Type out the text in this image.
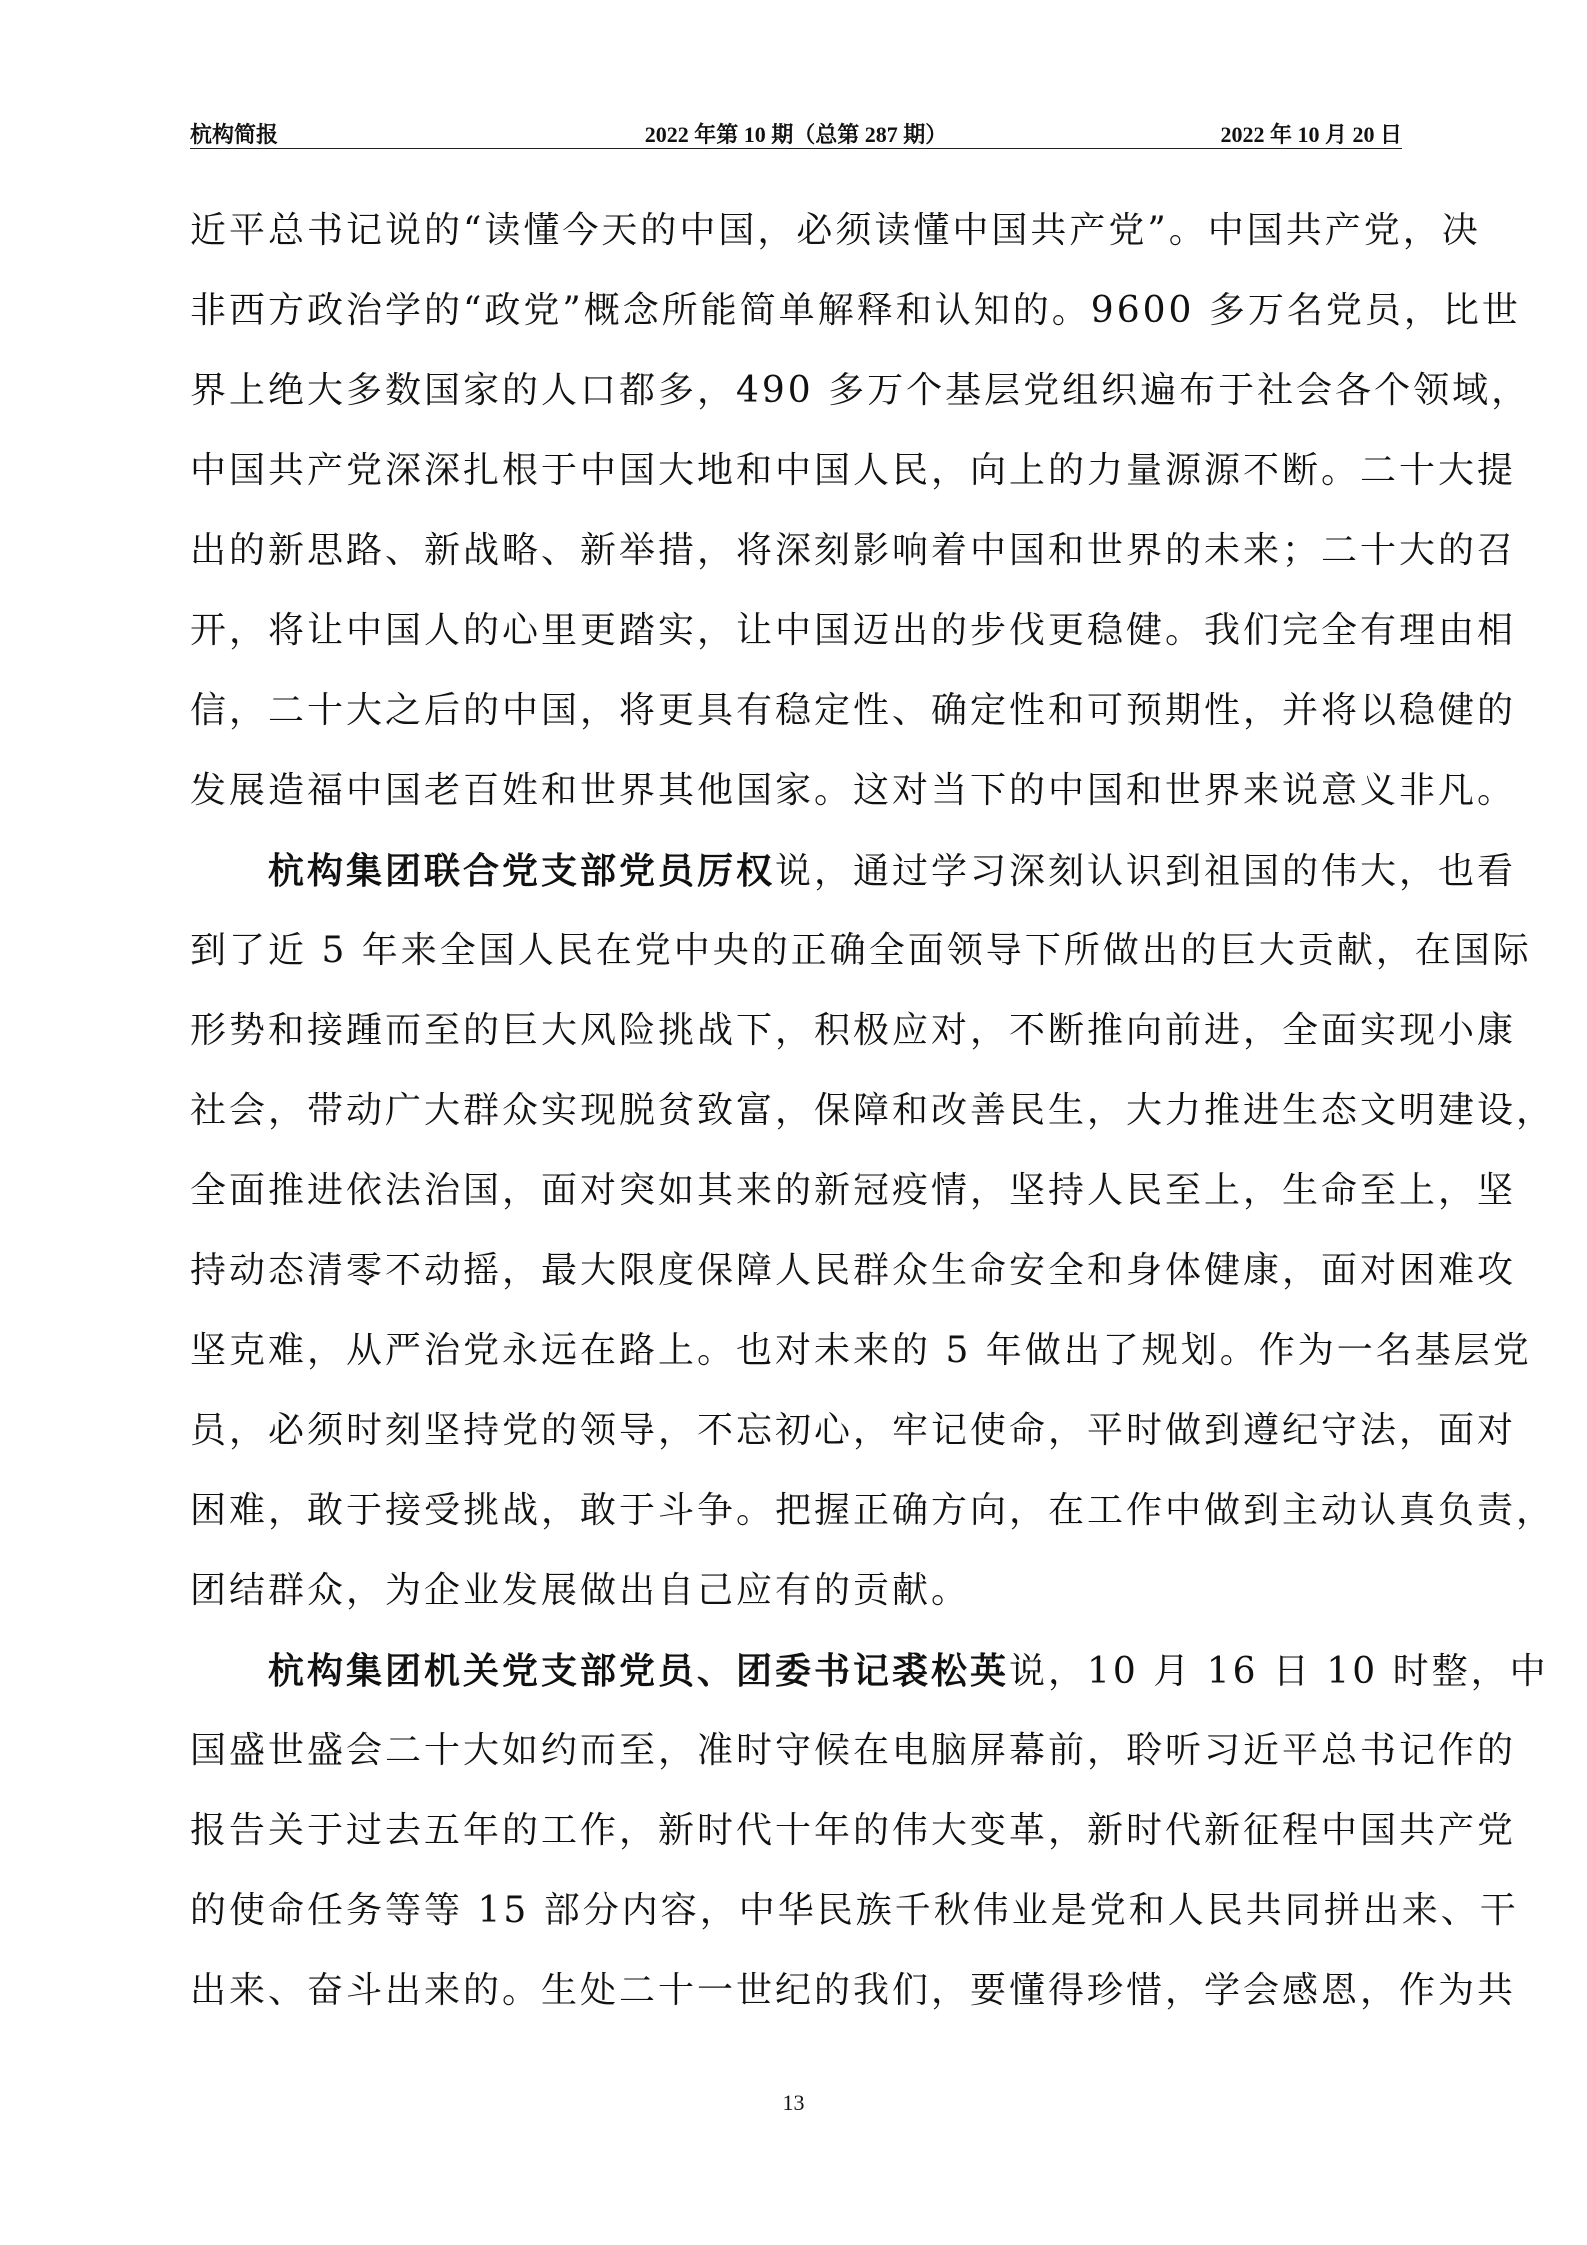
杭构简报	2022 年第 10 期（总第 287 期）	2022 年 10 月 20 日
近平总书记说的“读懂今天的中国，必须读懂中国共产党”。中国共产党，决
非西方政治学的“政党”概念所能简单解释和认知的。9600 多万名党员，比世
界上绝大多数国家的人口都多，490 多万个基层党组织遍布于社会各个领域，
中国共产党深深扎根于中国大地和中国人民，向上的力量源源不断。二十大提
出的新思路、新战略、新举措，将深刻影响着中国和世界的未来；二十大的召
开，将让中国人的心里更踏实，让中国迈出的步伐更稳健。我们完全有理由相
信，二十大之后的中国，将更具有稳定性、确定性和可预期性，并将以稳健的
发展造福中国老百姓和世界其他国家。这对当下的中国和世界来说意义非凡。
杭构集团联合党支部党员厉权说，通过学习深刻认识到祖国的伟大，也看
到了近 5 年来全国人民在党中央的正确全面领导下所做出的巨大贡献，在国际
形势和接踵而至的巨大风险挑战下，积极应对，不断推向前进，全面实现小康
社会，带动广大群众实现脱贫致富，保障和改善民生，大力推进生态文明建设，
全面推进依法治国，面对突如其来的新冠疫情，坚持人民至上，生命至上，坚
持动态清零不动摇，最大限度保障人民群众生命安全和身体健康，面对困难攻
坚克难，从严治党永远在路上。也对未来的 5 年做出了规划。作为一名基层党
员，必须时刻坚持党的领导，不忘初心，牢记使命，平时做到遵纪守法，面对
困难，敢于接受挑战，敢于斗争。把握正确方向，在工作中做到主动认真负责，
团结群众，为企业发展做出自己应有的贡献。
杭构集团机关党支部党员、团委书记裘松英说，10 月 16 日 10 时整，中
国盛世盛会二十大如约而至，准时守候在电脑屏幕前，聆听习近平总书记作的
报告关于过去五年的工作，新时代十年的伟大变革，新时代新征程中国共产党
的使命任务等等 15 部分内容，中华民族千秋伟业是党和人民共同拼出来、干
出来、奋斗出来的。生处二十一世纪的我们，要懂得珍惜，学会感恩，作为共
13
